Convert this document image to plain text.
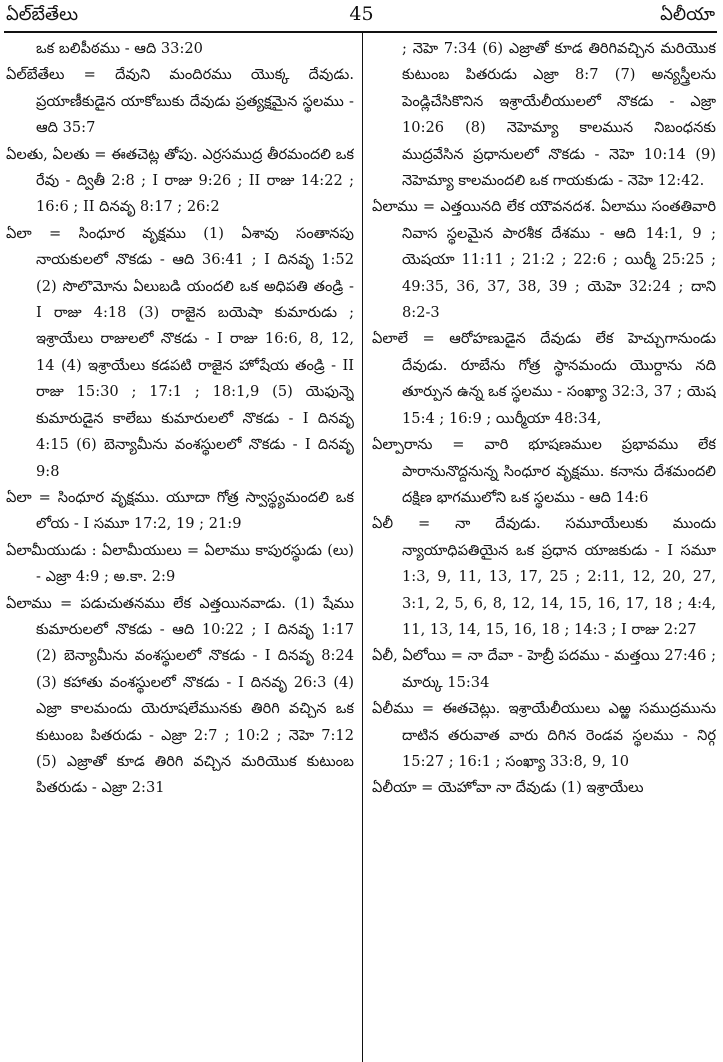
ఏల్‌బేతేలు	45	ఏలీయా

ఒక బలిపీఠము - ఆది 33:20

ఏల్‌బేతేలు = దేవుని మందిరము యొక్క దేవుడు. ప్రయాణీకుడైన యాకోబుకు దేవుడు ప్రత్యక్షమైన స్థలము - ఆది 35:7

ఏలతు, ఏలతు = ఈతచెట్ల తోపు. ఎర్రసముద్ర తీరమందలి ఒక రేవు - ద్వితీ 2:8 ; I రాజు 9:26 ; II రాజు 14:22 ; 16:6 ; II దినవృ 8:17 ; 26:2

ఏలా = సింధూర వృక్షము (1) ఏశావు సంతానపు నాయకులలో నొకడు - ఆది 36:41 ; I దినవృ 1:52 (2) సొలొమోను ఏలుబడి యందలి ఒక అధిపతి తండ్రి - I రాజు 4:18 (3) రాజైన బయెషా కుమారుడు ; ఇశ్రాయేలు రాజులలో నొకడు - I రాజు 16:6, 8, 12, 14 (4) ఇశ్రాయేలు కడపటి రాజైన హోషేయ తండ్రి - II రాజు 15:30 ; 17:1 ; 18:1,9 (5) యెఫున్నె కుమారుడైన కాలేబు కుమారులలో నొకడు - I దినవృ 4:15 (6) బెన్యామీను వంశస్థులలో నొకడు - I దినవృ 9:8

ఏలా = సింధూర వృక్షము. యూదా గోత్ర స్వాస్థ్యమందలి ఒక లోయ - I సమూ 17:2, 19 ; 21:9

ఏలామీయుడు : ఏలామీయులు = ఏలాము కాపురస్థుడు (లు) - ఎజ్రా 4:9 ; అ.కా. 2:9

ఏలాము = పడుచుతనము లేక ఎత్తయినవాడు. (1) షేము కుమారులలో నొకడు - ఆది 10:22 ; I దినవృ 1:17 (2) బెన్యామీను వంశస్థులలో నొకడు - I దినవృ 8:24 (3) కహాతు వంశస్థులలో నొకడు - I దినవృ 26:3 (4) ఎజ్రా కాలమందు యెరూషలేమునకు తిరిగి వచ్చిన ఒక కుటుంబ పితరుడు - ఎజ్రా 2:7 ; 10:2 ; నెహె 7:12 (5) ఎజ్రాతో కూడ తిరిగి వచ్చిన మరియొక కుటుంబ పితరుడు - ఎజ్రా 2:31

; నెహె 7:34 (6) ఎజ్రాతో కూడ తిరిగివచ్చిన మరియొక కుటుంబ పితరుడు ఎజ్రా 8:7 (7) అన్యస్త్రీలను పెండ్లిచేసికొనిన ఇశ్రాయేలీయులలో నొకడు - ఎజ్రా 10:26 (8) నెహెమ్యా కాలమున నిబంధనకు ముద్రవేసిన ప్రధానులలో నొకడు - నెహె 10:14 (9) నెహెమ్యా కాలమందలి ఒక గాయకుడు - నెహె 12:42.

ఏలాము = ఎత్తయినది లేక యౌవనదశ. ఏలాము సంతతివారి నివాస స్థలమైన పారశీక దేశము - ఆది 14:1, 9 ; యెషయా 11:11 ; 21:2 ; 22:6 ; యిర్మీ 25:25 ; 49:35, 36, 37, 38, 39 ; యెహె 32:24 ; దాని 8:2-3

ఏలాలే = ఆరోహణుడైన దేవుడు లేక హెచ్చుగానుండు దేవుడు. రూబేను గోత్ర స్థానమందు యొర్దాను నది తూర్పున ఉన్న ఒక స్థలము - సంఖ్యా 32:3, 37 ; యెష 15:4 ; 16:9 ; యిర్మీయా 48:34,

ఏల్పారాను = వారి భూషణముల ప్రభావము లేక పారానునొద్దనున్న సింధూర వృక్షము. కనాను దేశమందలి దక్షిణ భాగములోని ఒక స్థలము - ఆది 14:6

ఏలీ = నా దేవుడు. సమూయేలుకు ముందు న్యాయాధిపతియైన ఒక ప్రధాన యాజకుడు - I సమూ 1:3, 9, 11, 13, 17, 25 ; 2:11, 12, 20, 27, 3:1, 2, 5, 6, 8, 12, 14, 15, 16, 17, 18 ; 4:4, 11, 13, 14, 15, 16, 18 ; 14:3 ; I రాజు 2:27

ఏలీ, ఏలోయి = నా దేవా - హెబ్రీ పదము - మత్తయి 27:46 ; మార్కు 15:34

ఏలీము = ఈతచెట్లు. ఇశ్రాయేలీయులు ఎఱ్ఱ సముద్రమును దాటిన తరువాత వారు దిగిన రెండవ స్థలము - నిర్గ 15:27 ; 16:1 ; సంఖ్యా 33:8, 9, 10

ఏలీయా = యెహోవా నా దేవుడు (1) ఇశ్రాయేలు
